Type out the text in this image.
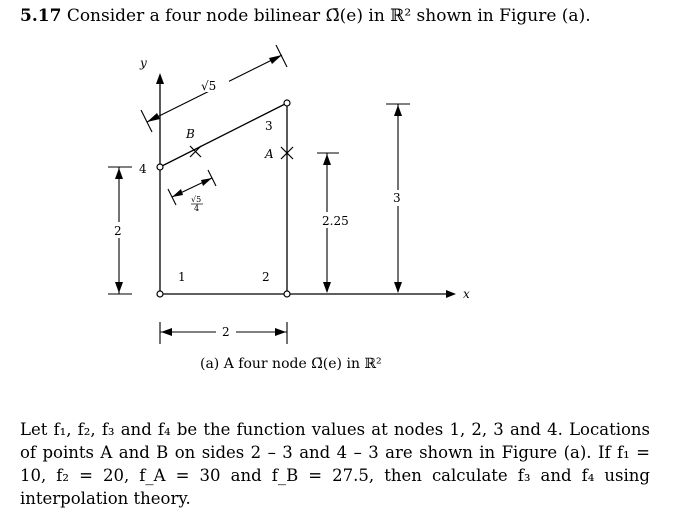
5.17 Consider a four node bilinear Ω̄(e) in ℝ² shown in Figure (a).
x
y
1	2
3
4
B
A
√5
√5
4
2.25
3
2
2
(a) A four node Ω̄(e) in ℝ²
Let f₁, f₂, f₃ and f₄ be the function values at nodes 1, 2, 3 and 4. Locations of points A and B on sides 2 – 3 and 4 – 3 are shown in Figure (a). If f₁ = 10, f₂ = 20, f_A = 30 and f_B = 27.5, then calculate f₃ and f₄ using interpolation theory.
